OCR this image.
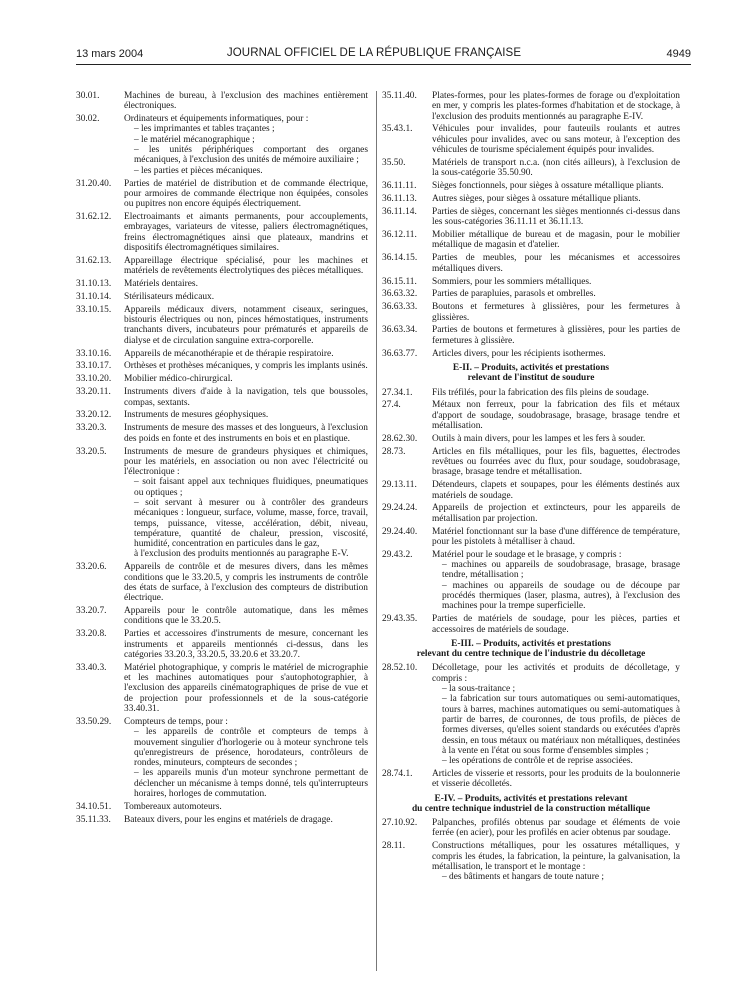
13 mars 2004	JOURNAL OFFICIEL DE LA RÉPUBLIQUE FRANÇAISE	4949
30.01.	Machines de bureau, à l'exclusion des machines entièrement électroniques.
30.02.	Ordinateurs et équipements informatiques, pour :
– les imprimantes et tables traçantes ;
– le matériel mécanographique ;
– les unités périphériques comportant des organes mécaniques, à l'exclusion des unités de mémoire auxiliaire ;
– les parties et pièces mécaniques.
31.20.40.	Parties de matériel de distribution et de commande électrique, pour armoires de commande électrique non équipées, consoles ou pupitres non encore équipés électriquement.
31.62.12.	Electroaimants et aimants permanents, pour accouplements, embrayages, variateurs de vitesse, paliers électromagnétiques, freins électromagnétiques ainsi que plateaux, mandrins et dispositifs électromagnétiques similaires.
31.62.13.	Appareillage électrique spécialisé, pour les machines et matériels de revêtements électrolytiques des pièces métalliques.
31.10.13.	Matériels dentaires.
31.10.14.	Stérilisateurs médicaux.
33.10.15.	Appareils médicaux divers, notamment ciseaux, seringues, bistouris électriques ou non, pinces hémostatiques, instruments tranchants divers, incubateurs pour prématurés et appareils de dialyse et de circulation sanguine extra-corporelle.
33.10.16.	Appareils de mécanothérapie et de thérapie respiratoire.
33.10.17.	Orthèses et prothèses mécaniques, y compris les implants usinés.
33.10.20.	Mobilier médico-chirurgical.
33.20.11.	Instruments divers d'aide à la navigation, tels que boussoles, compas, sextants.
33.20.12.	Instruments de mesures géophysiques.
33.20.3.	Instruments de mesure des masses et des longueurs, à l'exclusion des poids en fonte et des instruments en bois et en plastique.
33.20.5.	Instruments de mesure de grandeurs physiques et chimiques, pour les matériels, en association ou non avec l'électricité ou l'électronique :
– soit faisant appel aux techniques fluidiques, pneumatiques ou optiques ;
– soit servant à mesurer ou à contrôler des grandeurs mécaniques : longueur, surface, volume, masse, force, travail, temps, puissance, vitesse, accélération, débit, niveau, température, quantité de chaleur, pression, viscosité, humidité, concentration en particules dans le gaz,
à l'exclusion des produits mentionnés au paragraphe E-V.
33.20.6.	Appareils de contrôle et de mesures divers, dans les mêmes conditions que le 33.20.5, y compris les instruments de contrôle des états de surface, à l'exclusion des compteurs de distribution électrique.
33.20.7.	Appareils pour le contrôle automatique, dans les mêmes conditions que le 33.20.5.
33.20.8.	Parties et accessoires d'instruments de mesure, concernant les instruments et appareils mentionnés ci-dessus, dans les catégories 33.20.3, 33.20.5, 33.20.6 et 33.20.7.
33.40.3.	Matériel photographique, y compris le matériel de micrographie et les machines automatiques pour s'autophotographier, à l'exclusion des appareils cinématographiques de prise de vue et de projection pour professionnels et de la sous-catégorie 33.40.31.
33.50.29.	Compteurs de temps, pour :
– les appareils de contrôle et compteurs de temps à mouvement singulier d'horlogerie ou à moteur synchrone tels qu'enregistreurs de présence, horodateurs, contrôleurs de rondes, minuteurs, compteurs de secondes ;
– les appareils munis d'un moteur synchrone permettant de déclencher un mécanisme à temps donné, tels qu'interrupteurs horaires, horloges de commutation.
34.10.51.	Tombereaux automoteurs.
35.11.33.	Bateaux divers, pour les engins et matériels de dragage.
35.11.40.	Plates-formes, pour les plates-formes de forage ou d'exploitation en mer, y compris les plates-formes d'habitation et de stockage, à l'exclusion des produits mentionnés au paragraphe E-IV.
35.43.1.	Véhicules pour invalides, pour fauteuils roulants et autres véhicules pour invalides, avec ou sans moteur, à l'exception des véhicules de tourisme spécialement équipés pour invalides.
35.50.	Matériels de transport n.c.a. (non cités ailleurs), à l'exclusion de la sous-catégorie 35.50.90.
36.11.11.	Sièges fonctionnels, pour sièges à ossature métallique pliants.
36.11.13.	Autres sièges, pour sièges à ossature métallique pliants.
36.11.14.	Parties de sièges, concernant les sièges mentionnés ci-dessus dans les sous-catégories 36.11.11 et 36.11.13.
36.12.11.	Mobilier métallique de bureau et de magasin, pour le mobilier métallique de magasin et d'atelier.
36.14.15.	Parties de meubles, pour les mécanismes et accessoires métalliques divers.
36.15.11.	Sommiers, pour les sommiers métalliques.
36.63.32.	Parties de parapluies, parasols et ombrelles.
36.63.33.	Boutons et fermetures à glissières, pour les fermetures à glissières.
36.63.34.	Parties de boutons et fermetures à glissières, pour les parties de fermetures à glissière.
36.63.77.	Articles divers, pour les récipients isothermes.
E-II. – Produits, activités et prestations
relevant de l'institut de soudure
27.34.1.	Fils tréfilés, pour la fabrication des fils pleins de soudage.
27.4.	Métaux non ferreux, pour la fabrication des fils et métaux d'apport de soudage, soudobrasage, brasage, brasage tendre et métallisation.
28.62.30.	Outils à main divers, pour les lampes et les fers à souder.
28.73.	Articles en fils métalliques, pour les fils, baguettes, électrodes revêtues ou fourrées avec du flux, pour soudage, soudobrasage, brasage, brasage tendre et métallisation.
29.13.11.	Détendeurs, clapets et soupapes, pour les éléments destinés aux matériels de soudage.
29.24.24.	Appareils de projection et extincteurs, pour les appareils de métallisation par projection.
29.24.40.	Matériel fonctionnant sur la base d'une différence de température, pour les pistolets à métalliser à chaud.
29.43.2.	Matériel pour le soudage et le brasage, y compris :
– machines ou appareils de soudobrasage, brasage, brasage tendre, métallisation ;
– machines ou appareils de soudage ou de découpe par procédés thermiques (laser, plasma, autres), à l'exclusion des machines pour la trempe superficielle.
29.43.35.	Parties de matériels de soudage, pour les pièces, parties et accessoires de matériels de soudage.
E-III. – Produits, activités et prestations
relevant du centre technique de l'industrie du décolletage
28.52.10.	Décolletage, pour les activités et produits de décolletage, y compris :
– la sous-traitance ;
– la fabrication sur tours automatiques ou semi-automatiques, tours à barres, machines automatiques ou semi-automatiques à partir de barres, de couronnes, de tous profils, de pièces de formes diverses, qu'elles soient standards ou exécutées d'après dessin, en tous métaux ou matériaux non métalliques, destinées à la vente en l'état ou sous forme d'ensembles simples ;
– les opérations de contrôle et de reprise associées.
28.74.1.	Articles de visserie et ressorts, pour les produits de la boulonnerie et visserie décolletés.
E-IV. – Produits, activités et prestations relevant
du centre technique industriel de la construction métallique
27.10.92.	Palpanches, profilés obtenus par soudage et éléments de voie ferrée (en acier), pour les profilés en acier obtenus par soudage.
28.11.	Constructions métalliques, pour les ossatures métalliques, y compris les études, la fabrication, la peinture, la galvanisation, la métallisation, le transport et le montage :
– des bâtiments et hangars de toute nature ;
